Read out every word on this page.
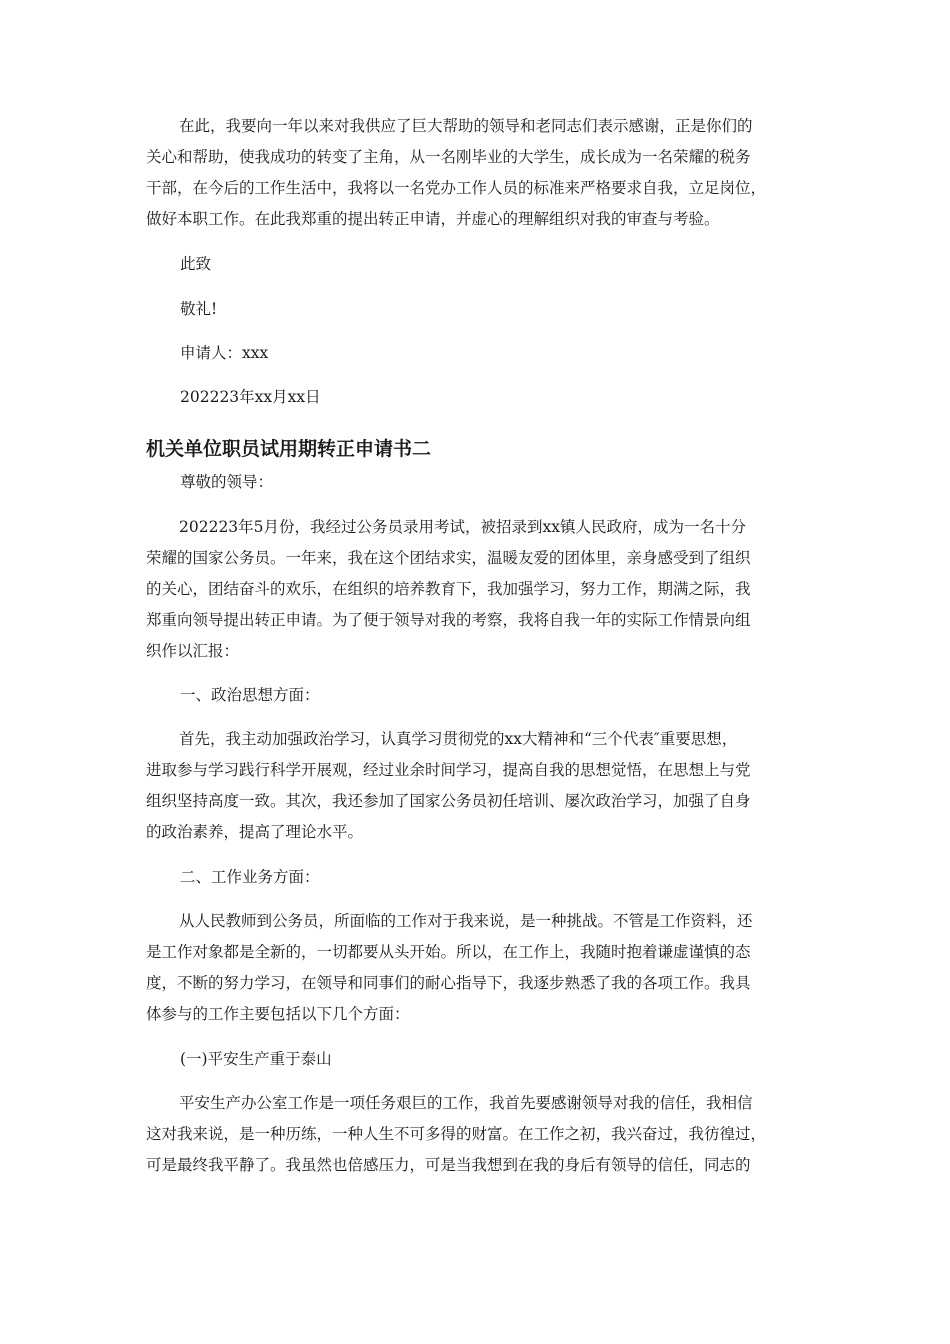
在此，我要向一年以来对我供应了巨大帮助的领导和老同志们表示感谢，正是你们的
关心和帮助，使我成功的转变了主角，从一名刚毕业的大学生，成长成为一名荣耀的税务
干部，在今后的工作生活中，我将以一名党办工作人员的标准来严格要求自我，立足岗位，
做好本职工作。在此我郑重的提出转正申请，并虚心的理解组织对我的审查与考验。

此致

敬礼!

申请人：xxx

202223年xx月xx日

机关单位职员试用期转正申请书二

尊敬的领导：

202223年5月份，我经过公务员录用考试，被招录到xx镇人民政府，成为一名十分
荣耀的国家公务员。一年来，我在这个团结求实，温暖友爱的团体里，亲身感受到了组织
的关心，团结奋斗的欢乐，在组织的培养教育下，我加强学习，努力工作，期满之际，我
郑重向领导提出转正申请。为了便于领导对我的考察，我将自我一年的实际工作情景向组
织作以汇报：

一、政治思想方面：

首先，我主动加强政治学习，认真学习贯彻党的xx大精神和“三个代表″重要思想，
进取参与学习践行科学开展观，经过业余时间学习，提高自我的思想觉悟，在思想上与党
组织坚持高度一致。其次，我还参加了国家公务员初任培训、屡次政治学习，加强了自身
的政治素养，提高了理论水平。

二、工作业务方面：

从人民教师到公务员，所面临的工作对于我来说，是一种挑战。不管是工作资料，还
是工作对象都是全新的，一切都要从头开始。所以，在工作上，我随时抱着谦虚谨慎的态
度，不断的努力学习，在领导和同事们的耐心指导下，我逐步熟悉了我的各项工作。我具
体参与的工作主要包括以下几个方面：

(一)平安生产重于泰山

平安生产办公室工作是一项任务艰巨的工作，我首先要感谢领导对我的信任，我相信
这对我来说，是一种历练，一种人生不可多得的财富。在工作之初，我兴奋过，我彷徨过，
可是最终我平静了。我虽然也倍感压力，可是当我想到在我的身后有领导的信任，同志的
